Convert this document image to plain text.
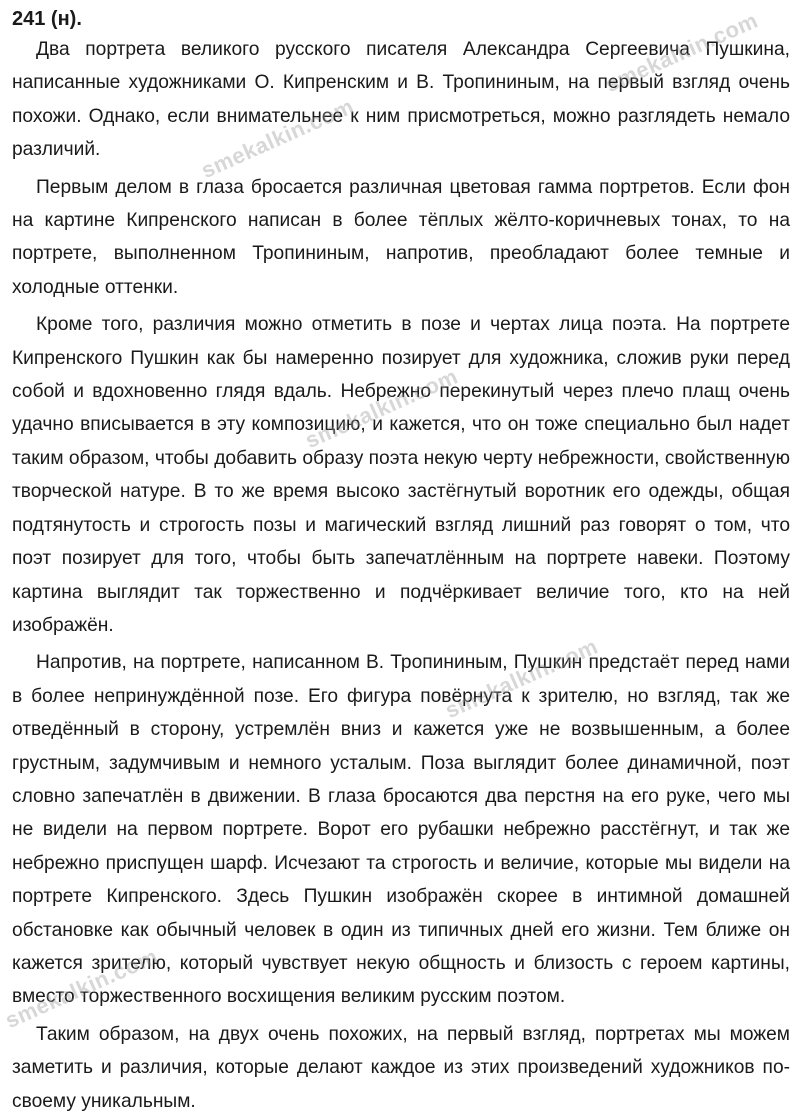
241 (н).

Два портрета великого русского писателя Александра Сергеевича Пушкина, написанные художниками О. Кипренским и В. Тропининым, на первый взгляд очень похожи. Однако, если внимательнее к ним присмотреться, можно разглядеть немало различий.

Первым делом в глаза бросается различная цветовая гамма портретов. Если фон на картине Кипренского написан в более тёплых жёлто-коричневых тонах, то на портрете, выполненном Тропининым, напротив, преобладают более темные и холодные оттенки.

Кроме того, различия можно отметить в позе и чертах лица поэта. На портрете Кипренского Пушкин как бы намеренно позирует для художника, сложив руки перед собой и вдохновенно глядя вдаль. Небрежно перекинутый через плечо плащ очень удачно вписывается в эту композицию, и кажется, что он тоже специально был надет таким образом, чтобы добавить образу поэта некую черту небрежности, свойственную творческой натуре. В то же время высоко застёгнутый воротник его одежды, общая подтянутость и строгость позы и магический взгляд лишний раз говорят о том, что поэт позирует для того, чтобы быть запечатлённым на портрете навеки. Поэтому картина выглядит так торжественно и подчёркивает величие того, кто на ней изображён.

Напротив, на портрете, написанном В. Тропининым, Пушкин предстаёт перед нами в более непринуждённой позе. Его фигура повёрнута к зрителю, но взгляд, так же отведённый в сторону, устремлён вниз и кажется уже не возвышенным, а более грустным, задумчивым и немного усталым. Поза выглядит более динамичной, поэт словно запечатлён в движении. В глаза бросаются два перстня на его руке, чего мы не видели на первом портрете. Ворот его рубашки небрежно расстёгнут, и так же небрежно приспущен шарф. Исчезают та строгость и величие, которые мы видели на портрете Кипренского. Здесь Пушкин изображён скорее в интимной домашней обстановке как обычный человек в один из типичных дней его жизни. Тем ближе он кажется зрителю, который чувствует некую общность и близость с героем картины, вместо торжественного восхищения великим русским поэтом.

Таким образом, на двух очень похожих, на первый взгляд, портретах мы можем заметить и различия, которые делают каждое из этих произведений художников по-своему уникальным.

smekalkin.com
smekalkin.com
smekalkin.com
smekalkin.com
smekalkin.com
